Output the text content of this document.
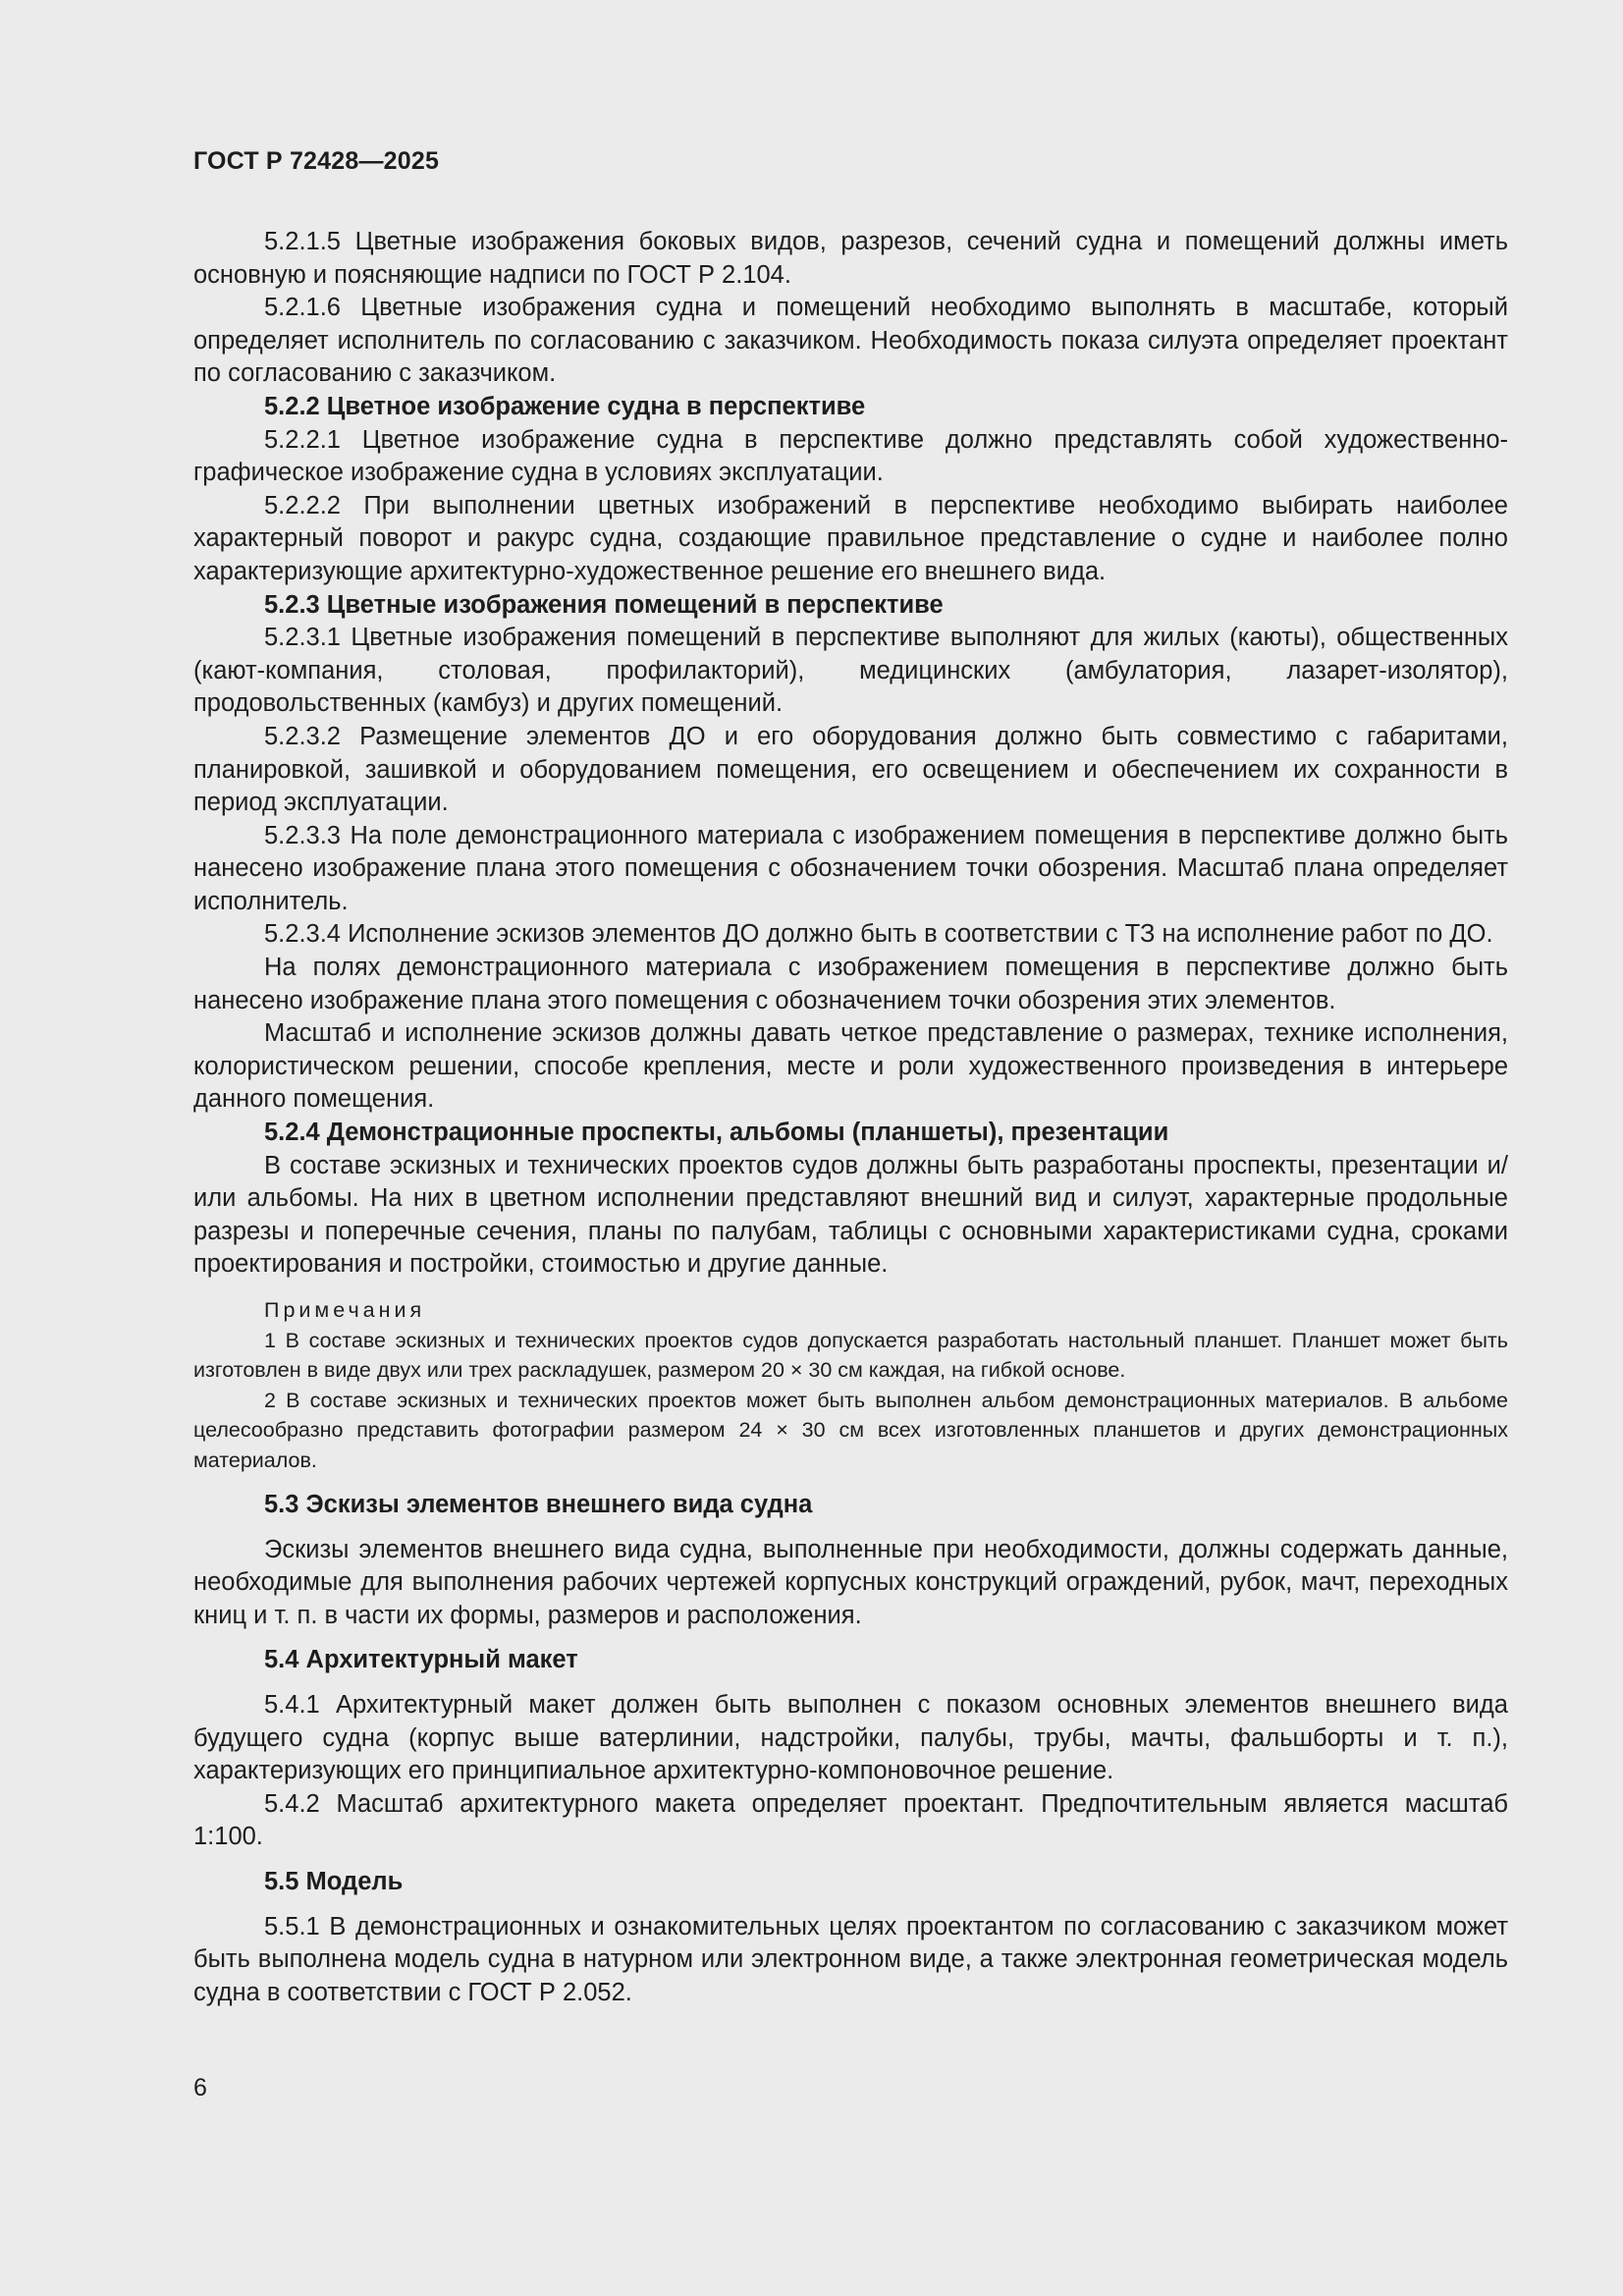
ГОСТ Р 72428—2025

5.2.1.5 Цветные изображения боковых видов, разрезов, сечений судна и помещений должны иметь основную и поясняющие надписи по ГОСТ Р 2.104.

5.2.1.6 Цветные изображения судна и помещений необходимо выполнять в масштабе, который определяет исполнитель по согласованию с заказчиком. Необходимость показа силуэта определяет проектант по согласованию с заказчиком.

5.2.2 Цветное изображение судна в перспективе

5.2.2.1 Цветное изображение судна в перспективе должно представлять собой художественно-графическое изображение судна в условиях эксплуатации.

5.2.2.2 При выполнении цветных изображений в перспективе необходимо выбирать наиболее характерный поворот и ракурс судна, создающие правильное представление о судне и наиболее полно характеризующие архитектурно-художественное решение его внешнего вида.

5.2.3 Цветные изображения помещений в перспективе

5.2.3.1 Цветные изображения помещений в перспективе выполняют для жилых (каюты), общественных (кают-компания, столовая, профилакторий), медицинских (амбулатория, лазарет-изолятор), продовольственных (камбуз) и других помещений.

5.2.3.2 Размещение элементов ДО и его оборудования должно быть совместимо с габаритами, планировкой, зашивкой и оборудованием помещения, его освещением и обеспечением их сохранности в период эксплуатации.

5.2.3.3 На поле демонстрационного материала с изображением помещения в перспективе должно быть нанесено изображение плана этого помещения с обозначением точки обозрения. Масштаб плана определяет исполнитель.

5.2.3.4 Исполнение эскизов элементов ДО должно быть в соответствии с ТЗ на исполнение работ по ДО.

На полях демонстрационного материала с изображением помещения в перспективе должно быть нанесено изображение плана этого помещения с обозначением точки обозрения этих элементов.

Масштаб и исполнение эскизов должны давать четкое представление о размерах, технике исполнения, колористическом решении, способе крепления, месте и роли художественного произведения в интерьере данного помещения.

5.2.4 Демонстрационные проспекты, альбомы (планшеты), презентации

В составе эскизных и технических проектов судов должны быть разработаны проспекты, презентации и/или альбомы. На них в цветном исполнении представляют внешний вид и силуэт, характерные продольные разрезы и поперечные сечения, планы по палубам, таблицы с основными характеристиками судна, сроками проектирования и постройки, стоимостью и другие данные.

Примечания

1 В составе эскизных и технических проектов судов допускается разработать настольный планшет. Планшет может быть изготовлен в виде двух или трех раскладушек, размером 20 × 30 см каждая, на гибкой основе.

2 В составе эскизных и технических проектов может быть выполнен альбом демонстрационных материалов. В альбоме целесообразно представить фотографии размером 24 × 30 см всех изготовленных планшетов и других демонстрационных материалов.

5.3 Эскизы элементов внешнего вида судна

Эскизы элементов внешнего вида судна, выполненные при необходимости, должны содержать данные, необходимые для выполнения рабочих чертежей корпусных конструкций ограждений, рубок, мачт, переходных книц и т. п. в части их формы, размеров и расположения.

5.4 Архитектурный макет

5.4.1 Архитектурный макет должен быть выполнен с показом основных элементов внешнего вида будущего судна (корпус выше ватерлинии, надстройки, палубы, трубы, мачты, фальшборты и т. п.), характеризующих его принципиальное архитектурно-компоновочное решение.

5.4.2 Масштаб архитектурного макета определяет проектант. Предпочтительным является масштаб 1:100.

5.5 Модель

5.5.1 В демонстрационных и ознакомительных целях проектантом по согласованию с заказчиком может быть выполнена модель судна в натурном или электронном виде, а также электронная геометрическая модель судна в соответствии с ГОСТ Р 2.052.

6
